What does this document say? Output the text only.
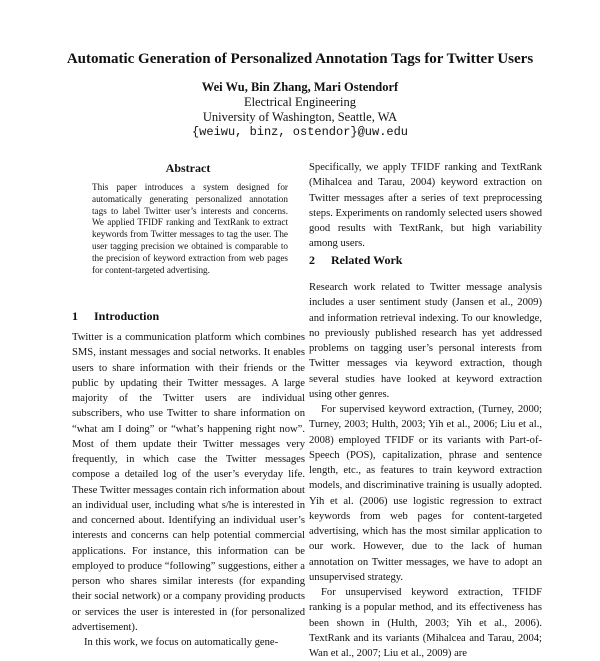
Automatic Generation of Personalized Annotation Tags for Twitter Users
Wei Wu, Bin Zhang, Mari Ostendorf
Electrical Engineering
University of Washington, Seattle, WA
{weiwu, binz, ostendor}@uw.edu
Abstract
This paper introduces a system designed for automatically generating personalized annotation tags to label Twitter user’s interests and concerns. We applied TFIDF ranking and TextRank to extract keywords from Twitter messages to tag the user. The user tagging precision we obtained is comparable to the precision of keyword extraction from web pages for content-targeted advertising.
1 Introduction

Twitter is a communication platform which combines SMS, instant messages and social networks. It enables users to share information with their friends or the public by updating their Twitter messages. A large majority of the Twitter users are individual subscribers, who use Twitter to share information on “what am I doing” or “what’s happening right now”. Most of them update their Twitter messages very frequently, in which case the Twitter messages compose a detailed log of the user’s everyday life. These Twitter messages contain rich information about an individual user, including what s/he is interested in and concerned about. Identifying an individual user’s interests and concerns can help potential commercial applications. For instance, this information can be employed to produce “following” suggestions, either a person who shares similar interests (for expanding their social network) or a company providing products or services the user is interested in (for personalized advertisement).

In this work, we focus on automatically gene-

Specifically, we apply TFIDF ranking and TextRank (Mihalcea and Tarau, 2004) keyword extraction on Twitter messages after a series of text preprocessing steps. Experiments on randomly selected users showed good results with TextRank, but high variability among users.

2 Related Work

Research work related to Twitter message analysis includes a user sentiment study (Jansen et al., 2009) and information retrieval indexing. To our knowledge, no previously published research has yet addressed problems on tagging user’s personal interests from Twitter messages via keyword extraction, though several studies have looked at keyword extraction using other genres.

For supervised keyword extraction, (Turney, 2000; Turney, 2003; Hulth, 2003; Yih et al., 2006; Liu et al., 2008) employed TFIDF or its variants with Part-of-Speech (POS), capitalization, phrase and sentence length, etc., as features to train keyword extraction models, and discriminative training is usually adopted. Yih et al. (2006) use logistic regression to extract keywords from web pages for content-targeted advertising, which has the most similar application to our work. However, due to the lack of human annotation on Twitter messages, we have to adopt an unsupervised strategy.

For unsupervised keyword extraction, TFIDF ranking is a popular method, and its effectiveness has been shown in (Hulth, 2003; Yih et al., 2006). TextRank and its variants (Mihalcea and Tarau, 2004; Wan et al., 2007; Liu et al., 2009) are
